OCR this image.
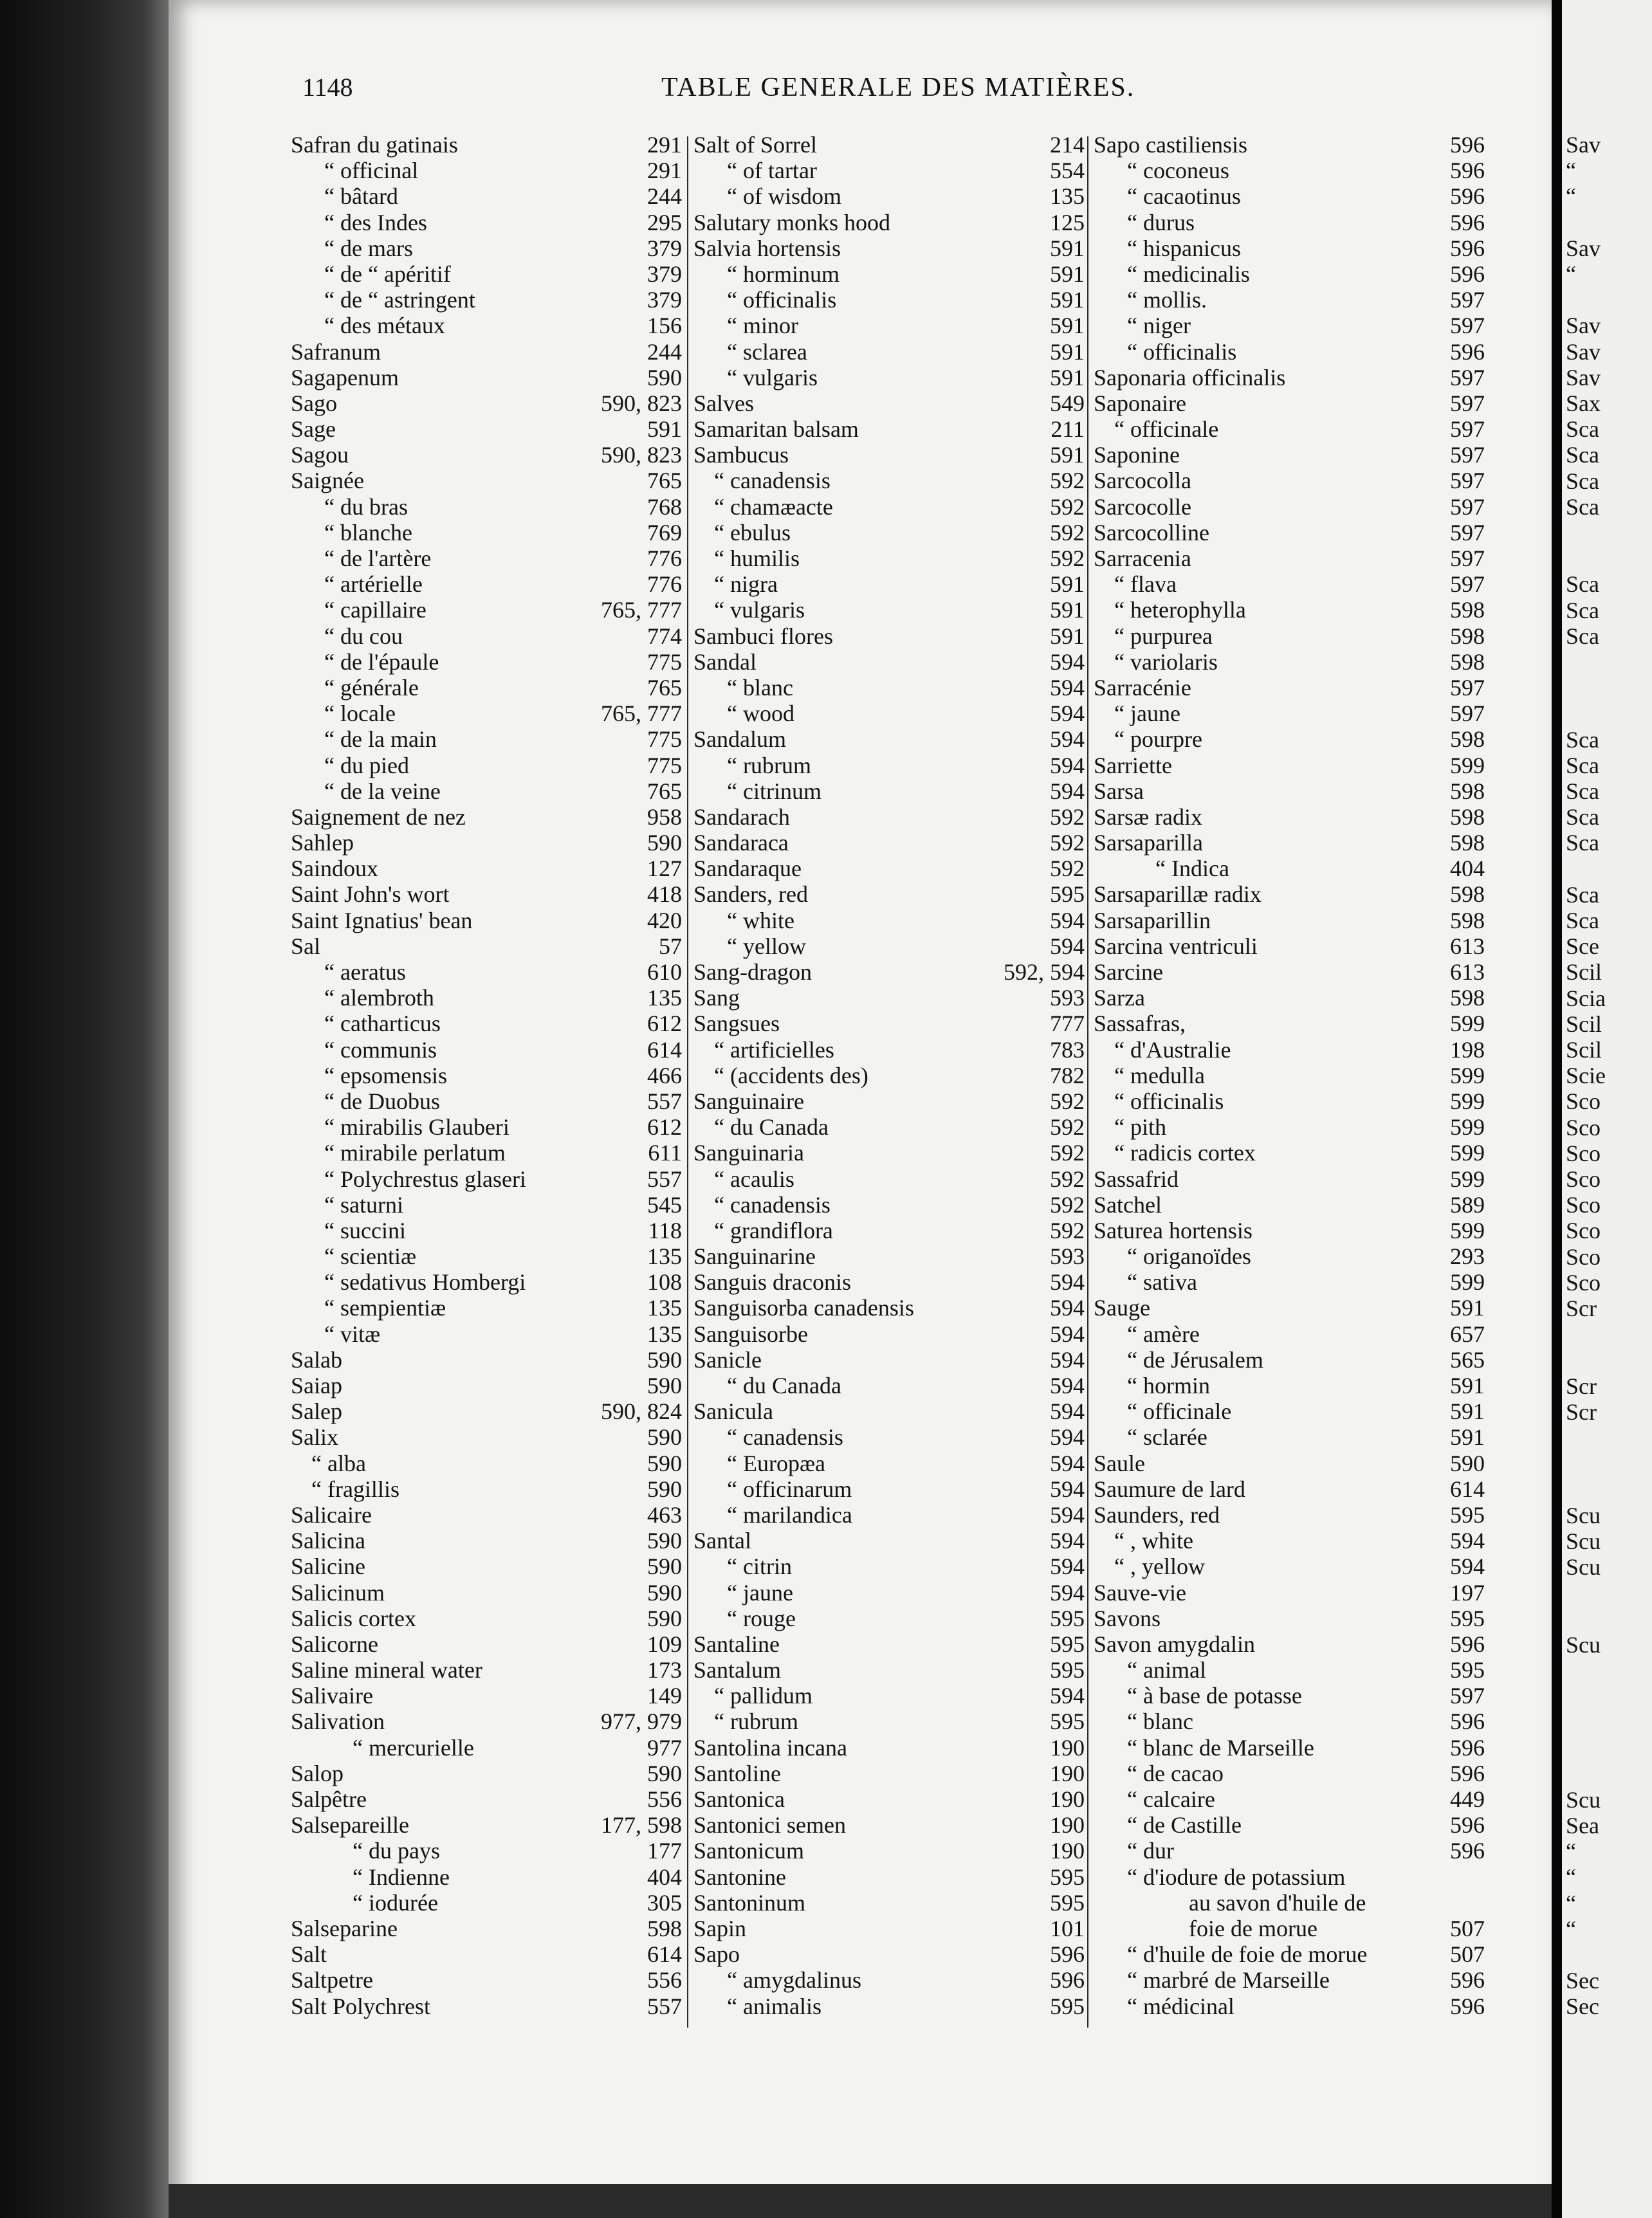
Sav
“
“
Sav
“
Sav
Sav
Sav
Sax
Sca
Sca
Sca
Sca
Sca
Sca
Sca
Sca
Sca
Sca
Sca
Sca
Sca
Sca
Sce
Scil
Scia
Scil
Scil
Scie
Sco
Sco
Sco
Sco
Sco
Sco
Sco
Sco
Scr
Scr
Scr
Scu
Scu
Scu
Scu
Scu
Sea
“
“
“
“
Sec
Sec
1148	TABLE GENERALE DES MATIÈRES.
Safran du gatinais	291
“ officinal	291
“ bâtard	244
“ des Indes	295
“ de mars	379
“ de “ apéritif	379
“ de “ astringent	379
“ des métaux	156
Safranum	244
Sagapenum	590
Sago	590, 823
Sage	591
Sagou	590, 823
Saignée	765
“ du bras	768
“ blanche	769
“ de l'artère	776
“ artérielle	776
“ capillaire	765, 777
“ du cou	774
“ de l'épaule	775
“ générale	765
“ locale	765, 777
“ de la main	775
“ du pied	775
“ de la veine	765
Saignement de nez	958
Sahlep	590
Saindoux	127
Saint John's wort	418
Saint Ignatius' bean	420
Sal	57
“ aeratus	610
“ alembroth	135
“ catharticus	612
“ communis	614
“ epsomensis	466
“ de Duobus	557
“ mirabilis Glauberi	612
“ mirabile perlatum	611
“ Polychrestus glaseri	557
“ saturni	545
“ succini	118
“ scientiæ	135
“ sedativus Hombergi	108
“ sempientiæ	135
“ vitæ	135
Salab	590
Saiap	590
Salep	590, 824
Salix	590
“ alba	590
“ fragillis	590
Salicaire	463
Salicina	590
Salicine	590
Salicinum	590
Salicis cortex	590
Salicorne	109
Saline mineral water	173
Salivaire	149
Salivation	977, 979
“ mercurielle	977
Salop	590
Salpêtre	556
Salsepareille	177, 598
“ du pays	177
“ Indienne	404
“ iodurée	305
Salseparine	598
Salt	614
Saltpetre	556
Salt Polychrest	557
Salt of Sorrel	214
“ of tartar	554
“ of wisdom	135
Salutary monks hood	125
Salvia hortensis	591
“ horminum	591
“ officinalis	591
“ minor	591
“ sclarea	591
“ vulgaris	591
Salves	549
Samaritan balsam	211
Sambucus	591
“ canadensis	592
“ chamæacte	592
“ ebulus	592
“ humilis	592
“ nigra	591
“ vulgaris	591
Sambuci flores	591
Sandal	594
“ blanc	594
“ wood	594
Sandalum	594
“ rubrum	594
“ citrinum	594
Sandarach	592
Sandaraca	592
Sandaraque	592
Sanders, red	595
“ white	594
“ yellow	594
Sang-dragon	592, 594
Sang	593
Sangsues	777
“ artificielles	783
“ (accidents des)	782
Sanguinaire	592
“ du Canada	592
Sanguinaria	592
“ acaulis	592
“ canadensis	592
“ grandiflora	592
Sanguinarine	593
Sanguis draconis	594
Sanguisorba canadensis	594
Sanguisorbe	594
Sanicle	594
“ du Canada	594
Sanicula	594
“ canadensis	594
“ Europæa	594
“ officinarum	594
“ marilandica	594
Santal	594
“ citrin	594
“ jaune	594
“ rouge	595
Santaline	595
Santalum	595
“ pallidum	594
“ rubrum	595
Santolina incana	190
Santoline	190
Santonica	190
Santonici semen	190
Santonicum	190
Santonine	595
Santoninum	595
Sapin	101
Sapo	596
“ amygdalinus	596
“ animalis	595
Sapo castiliensis	596
“ coconeus	596
“ cacaotinus	596
“ durus	596
“ hispanicus	596
“ medicinalis	596
“ mollis.	597
“ niger	597
“ officinalis	596
Saponaria officinalis	597
Saponaire	597
“ officinale	597
Saponine	597
Sarcocolla	597
Sarcocolle	597
Sarcocolline	597
Sarracenia	597
“ flava	597
“ heterophylla	598
“ purpurea	598
“ variolaris	598
Sarracénie	597
“ jaune	597
“ pourpre	598
Sarriette	599
Sarsa	598
Sarsæ radix	598
Sarsaparilla	598
“ Indica	404
Sarsaparillæ radix	598
Sarsaparillin	598
Sarcina ventriculi	613
Sarcine	613
Sarza	598
Sassafras,	599
“ d'Australie	198
“ medulla	599
“ officinalis	599
“ pith	599
“ radicis cortex	599
Sassafrid	599
Satchel	589
Saturea hortensis	599
“ origanoïdes	293
“ sativa	599
Sauge	591
“ amère	657
“ de Jérusalem	565
“ hormin	591
“ officinale	591
“ sclarée	591
Saule	590
Saumure de lard	614
Saunders, red	595
“ , white	594
“ , yellow	594
Sauve-vie	197
Savons	595
Savon amygdalin	596
“ animal	595
“ à base de potasse	597
“ blanc	596
“ blanc de Marseille	596
“ de cacao	596
“ calcaire	449
“ de Castille	596
“ dur	596
“ d'iodure de potassium
au savon d'huile de
foie de morue	507
“ d'huile de foie de morue	507
“ marbré de Marseille	596
“ médicinal	596
